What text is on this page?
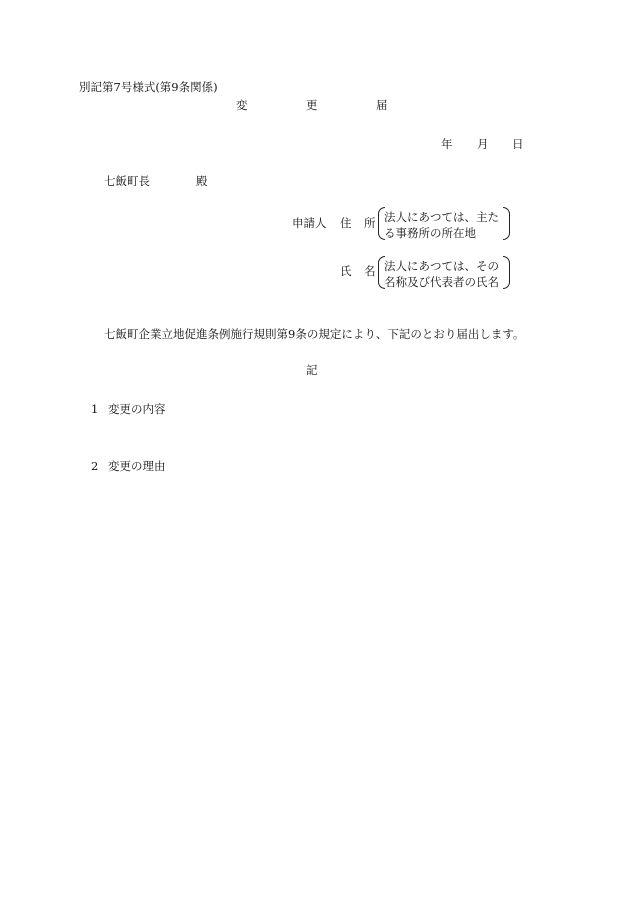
別記第7号様式(第9条関係)
変	更	届
年 月 日
七飯町長	殿
申請人 住 所 法人にあつては、主た
る事務所の所在地
氏 名 法人にあつては、その
名称及び代表者の氏名
七飯町企業立地促進条例施行規則第9条の規定により、下記のとおり届出します。
記
1 変更の内容
2 変更の理由
